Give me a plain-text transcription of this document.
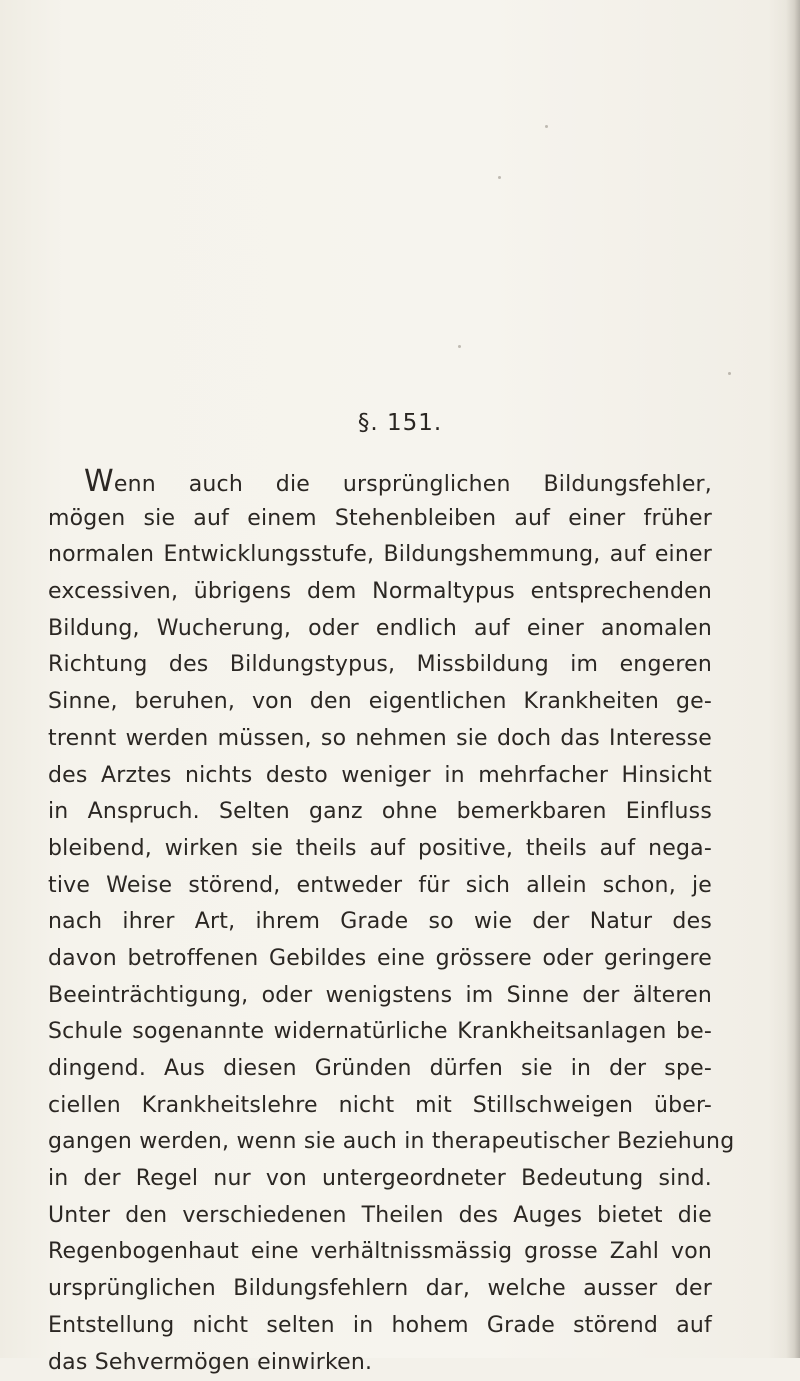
§. 151.
Wenn auch die ursprünglichen Bildungsfehler,
mögen sie auf einem Stehenbleiben auf einer früher
normalen Entwicklungsstufe, Bildungshemmung, auf einer
excessiven, übrigens dem Normaltypus entsprechenden
Bildung, Wucherung, oder endlich auf einer anomalen
Richtung des Bildungstypus, Missbildung im engeren
Sinne, beruhen, von den eigentlichen Krankheiten ge-
trennt werden müssen, so nehmen sie doch das Interesse
des Arztes nichts desto weniger in mehrfacher Hinsicht
in Anspruch. Selten ganz ohne bemerkbaren Einfluss
bleibend, wirken sie theils auf positive, theils auf nega-
tive Weise störend, entweder für sich allein schon, je
nach ihrer Art, ihrem Grade so wie der Natur des
davon betroffenen Gebildes eine grössere oder geringere
Beeinträchtigung, oder wenigstens im Sinne der älteren
Schule sogenannte widernatürliche Krankheitsanlagen be-
dingend. Aus diesen Gründen dürfen sie in der spe-
ciellen Krankheitslehre nicht mit Stillschweigen über-
gangen werden, wenn sie auch in therapeutischer Beziehung
in der Regel nur von untergeordneter Bedeutung sind.
Unter den verschiedenen Theilen des Auges bietet die
Regenbogenhaut eine verhältnissmässig grosse Zahl von
ursprünglichen Bildungsfehlern dar, welche ausser der
Entstellung nicht selten in hohem Grade störend auf
das Sehvermögen einwirken.
